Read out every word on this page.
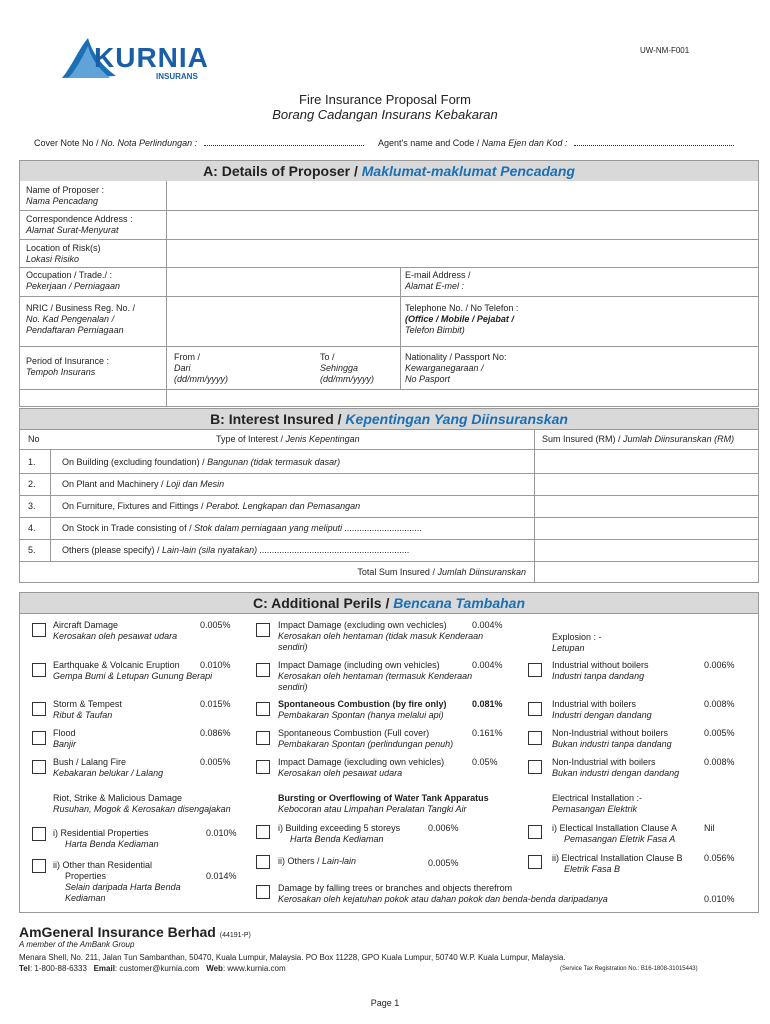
KURNIA
INSURANS
UW-NM-F001
Fire Insurance Proposal Form
Borang Cadangan Insurans Kebakaran
Cover Note No / No. Nota Perlindungan :	Agent's name and Code / Nama Ejen dan Kod :
A: Details of Proposer / Maklumat-maklumat Pencadang
Name of Proposer :
Nama Pencadang
Correspondence Address :
Alamat Surat-Menyurat
Location of Risk(s)
Lokasi Risiko
Occupation / Trade./ :
Pekerjaan / Perniagaan
E-mail Address /
Alamat E-mel :
NRIC / Business Reg. No. /
No. Kad Pengenalan /
Pendaftaran Perniagaan
Telephone No. / No Telefon :
(Office / Mobile / Pejabat /
Telefon Bimbit)
Period of Insurance :
Tempoh Insurans
From /
Dari
(dd/mm/yyyy)
To /
Sehingga
(dd/mm/yyyy)
Nationality / Passport No:
Kewarganegaraan /
No Pasport
B: Interest Insured / Kepentingan Yang Diinsuranskan
No	Type of Interest / Jenis Kepentingan	Sum Insured (RM) / Jumlah Diinsuranskan (RM)
1.	On Building (excluding foundation) / Bangunan (tidak termasuk dasar)
2.	On Plant and Machinery / Loji dan Mesin
3.	On Furniture, Fixtures and Fittings / Perabot. Lengkapan dan Pemasangan
4.	On Stock in Trade consisting of / Stok dalam perniagaan yang meliputi ...............................
5.	Others (please specify) / Lain-lain (sila nyatakan) ............................................................
Total Sum Insured / Jumlah Diinsuranskan
C: Additional Perils / Bencana Tambahan
Aircraft Damage
Kerosakan oleh pesawat udara
0.005%
Earthquake & Volcanic Eruption
Gempa Bumi & Letupan Gunung Berapi
0.010%
Storm & Tempest
Ribut & Taufan
0.015%
Flood
Banjir
0.086%
Bush / Lalang Fire
Kebakaran belukar / Lalang
0.005%
Riot, Strike & Malicious Damage
Rusuhan, Mogok & Kerosakan disengajakan
i) Residential Properties
Harta Benda Kediaman
0.010%
ii) Other than Residential
Properties
Selain daripada Harta Benda
Kediaman
0.014%
Impact Damage (excluding own vechicles)
Kerosakan oleh hentaman (tidak masuk Kenderaan
sendiri)
0.004%
Impact Damage (including own vehicles)
Kerosakan oleh hentaman (termasuk Kenderaan
sendiri)
0.004%
Spontaneous Combustion (by fire only)
Pembakaran Spontan (hanya melalui api)
0.081%
Spontaneous Combustion (Full cover)
Pembakaran Spontan (perlindungan penuh)
0.161%
Impact Damage (iexcluding own vehicles)
Kerosakan oleh pesawat udara
0.05%
Bursting or Overflowing of Water Tank Apparatus
Kebocoran atau Limpahan Peralatan Tangki Air
i) Building exceeding 5 storeys
Harta Benda Kediaman
0.006%
ii) Others / Lain-lain	0.005%
Damage by falling trees or branches and objects therefrom
Kerosakan oleh kejatuhan pokok atau dahan pokok dan benda-benda daripadanya	0.010%
Explosion : -
Letupan
Industrial without boilers
Industri tanpa dandang
0.006%
Industrial with boilers
Industri dengan dandang
0.008%
Non-Industrial without boilers
Bukan industri tanpa dandang
0.005%
Non-Industrial with boilers
Bukan industri dengan dandang
0.008%
Electrical Installation :-
Pemasangan Elektrik
i) Electical Installation Clause A
Pemasangan Eletrik Fasa A
Nil
ii) Electrical Installation Clause B
Eletrik Fasa B
0.056%
AmGeneral Insurance Berhad (44191-P)
A member of the AmBank Group
Menara Shell, No. 211, Jalan Tun Sambanthan, 50470, Kuala Lumpur, Malaysia. PO Box 11228, GPO Kuala Lumpur, 50740 W.P. Kuala Lumpur, Malaysia.
Tel: 1-800-88-6333 Email: customer@kurnia.com Web: www.kurnia.com	(Service Tax Registration No.: B16-1808-31015443)
Page 1
